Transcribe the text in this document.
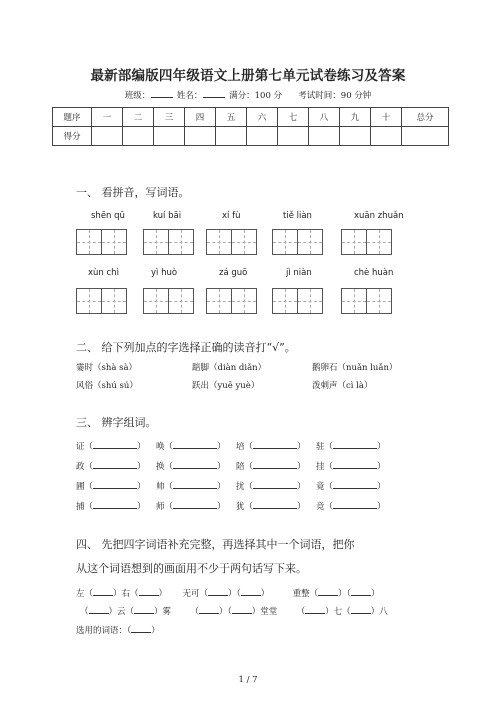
最新部编版四年级语文上册第七单元试卷练习及答案
班级：	姓名：	满分：100 分 考试时间：90 分钟
题序	一	二	三	四	五	六	七	八	九	十	总分
得分											
一、 看拼音，写词语。
shēn qū	kuí bāi	xí fù	tiě liàn	xuān zhuǎn
xùn chì	yì huò	zá guō	jì niàn	chè huàn
二、 给下列加点的字选择正确的读音打“√”。
霎时（shà sà）	踮脚（diàn diǎn）	鹅卵石（nuǎn luǎn）
风俗（shú sú）	跃出（yuē yuè）	泼刺声（cì là）
三、 辨字组词。
证（	） 唤（	） 培（	） 驻（	）
政（	） 换（	） 陪（	） 挂（	）
圃（	） 帅（	） 扰（	） 竟（	）
捕（	） 师（	） 犹（	） 竞（	）
四、 先把四字词语补充完整，再选择其中一个词语，把你
从这个词语想到的画面用不少于两句话写下来。
左（ ）右（ ） 无可（ ）（ ）	重整（ ）（ ）
（ ）云（ ）雾 （ ）（ ）堂堂 （ ）七（ ）八
选用的词语：（ ）
1 / 7
